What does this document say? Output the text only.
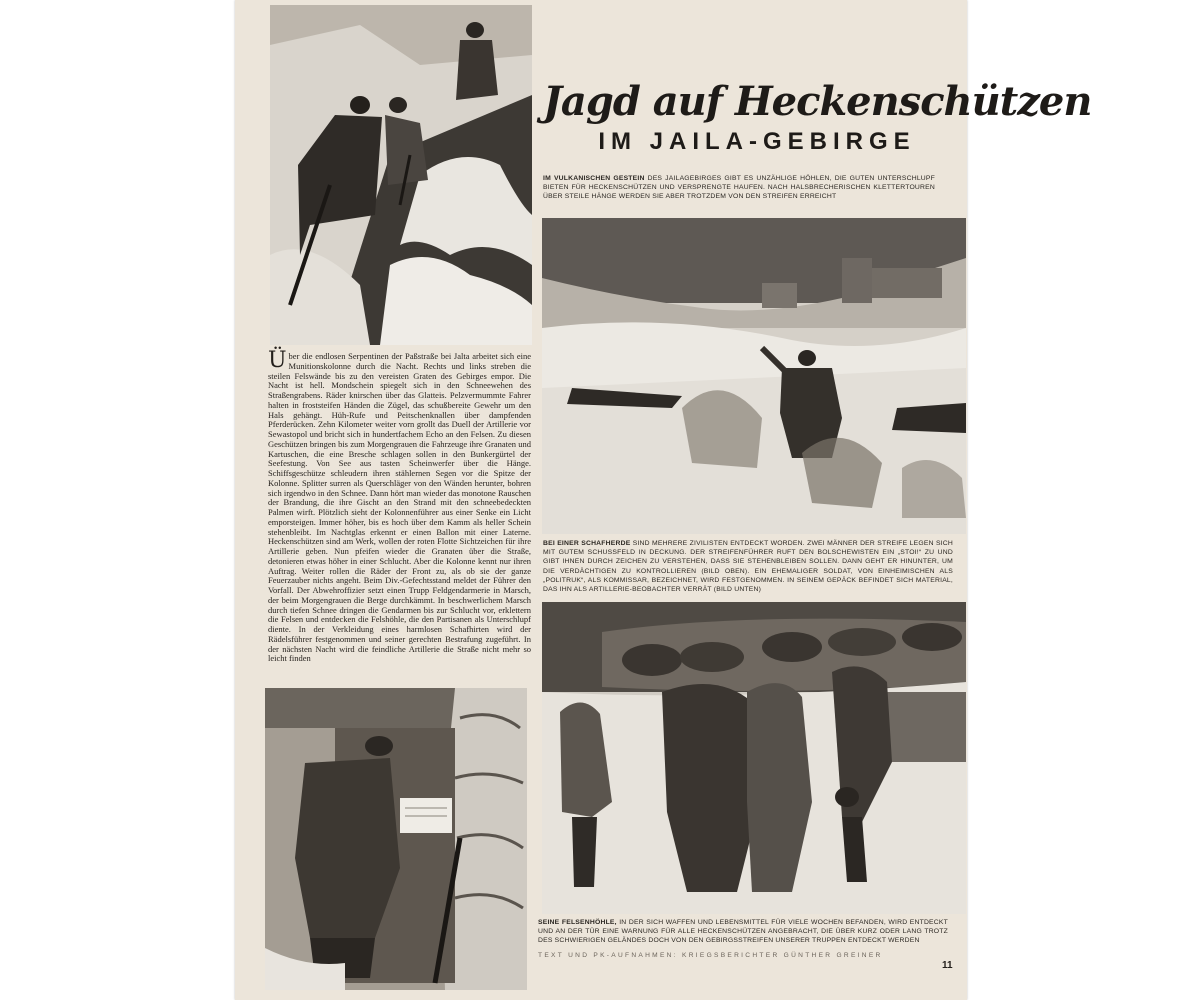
Jagd auf Heckenschützen
IM JAILA-GEBIRGE
IM VULKANISCHEN GESTEIN DES JAILAGEBIRGES GIBT ES UNZÄHLIGE HÖHLEN, DIE GUTEN UNTERSCHLUPF BIETEN FÜR HECKENSCHÜTZEN UND VERSPRENGTE HAUFEN. NACH HALSBRECHERISCHEN KLETTERTOUREN ÜBER STEILE HÄNGE WERDEN SIE ABER TROTZDEM VON DEN STREIFEN ERREICHT
BEI EINER SCHAFHERDE SIND MEHRERE ZIVILISTEN ENTDECKT WORDEN. ZWEI MÄNNER DER STREIFE LEGEN SICH MIT GUTEM SCHUSSFELD IN DECKUNG. DER STREIFENFÜHRER RUFT DEN BOLSCHEWISTEN EIN „STOI!“ ZU UND GIBT IHNEN DURCH ZEICHEN ZU VERSTEHEN, DASS SIE STEHENBLEIBEN SOLLEN. DANN GEHT ER HINUNTER, UM DIE VERDÄCHTIGEN ZU KONTROLLIEREN (BILD OBEN). EIN EHEMALIGER SOLDAT, VON EINHEIMISCHEN ALS „POLITRUK“, ALS KOMMISSAR, BEZEICHNET, WIRD FESTGENOMMEN. IN SEINEM GEPÄCK BEFINDET SICH MATERIAL, DAS IHN ALS ARTILLERIE-BEOBACHTER VERRÄT (BILD UNTEN)
Über die endlosen Serpentinen der Paßstraße bei Jalta arbeitet sich eine Munitionskolonne durch die Nacht. Rechts und links streben die steilen Felswände bis zu den vereisten Graten des Gebirges empor. Die Nacht ist hell. Mondschein spiegelt sich in den Schneewehen des Straßengrabens. Räder knirschen über das Glatteis. Pelzvermummte Fahrer halten in froststeifen Händen die Zügel, das schußbereite Gewehr um den Hals gehängt. Hüh-Rufe und Peitschenknallen über dampfenden Pferderücken. Zehn Kilometer weiter vorn grollt das Duell der Artillerie vor Sewastopol und bricht sich in hundertfachem Echo an den Felsen. Zu diesen Geschützen bringen bis zum Morgengrauen die Fahrzeuge ihre Granaten und Kartuschen, die eine Bresche schlagen sollen in den Bunkergürtel der Seefestung. Von See aus tasten Scheinwerfer über die Hänge. Schiffsgeschütze schleudern ihren stählernen Segen vor die Spitze der Kolonne. Splitter surren als Querschläger von den Wänden herunter, bohren sich irgendwo in den Schnee. Dann hört man wieder das monotone Rauschen der Brandung, die ihre Gischt an den Strand mit den schneebedeckten Palmen wirft. Plötzlich sieht der Kolonnenführer aus einer Senke ein Licht emporsteigen. Immer höher, bis es hoch über dem Kamm als heller Schein stehenbleibt. Im Nachtglas erkennt er einen Ballon mit einer Laterne. Heckenschützen sind am Werk, wollen der roten Flotte Sichtzeichen für ihre Artillerie geben. Nun pfeifen wieder die Granaten über die Straße, detonieren etwas höher in einer Schlucht. Aber die Kolonne kennt nur ihren Auftrag. Weiter rollen die Räder der Front zu, als ob sie der ganze Feuerzauber nichts angeht. Beim Div.-Gefechtsstand meldet der Führer den Vorfall. Der Abwehroffizier setzt einen Trupp Feldgendarmerie in Marsch, der beim Morgengrauen die Berge durchkämmt. In beschwerlichem Marsch durch tiefen Schnee dringen die Gendarmen bis zur Schlucht vor, erklettern die Felsen und entdecken die Felshöhle, die den Partisanen als Unterschlupf diente. In der Verkleidung eines harmlosen Schafhirten wird der Rädelsführer festgenommen und seiner gerechten Bestrafung zugeführt. In der nächsten Nacht wird die feindliche Artillerie die Straße nicht mehr so leicht finden
SEINE FELSENHÖHLE, IN DER SICH WAFFEN UND LEBENSMITTEL FÜR VIELE WOCHEN BEFANDEN, WIRD ENTDECKT UND AN DER TÜR EINE WARNUNG FÜR ALLE HECKENSCHÜTZEN ANGEBRACHT, DIE ÜBER KURZ ODER LANG TROTZ DES SCHWIERIGEN GELÄNDES DOCH VON DEN GEBIRGSSTREIFEN UNSERER TRUPPEN ENTDECKT WERDEN
TEXT UND PK-AUFNAHMEN: KRIEGSBERICHTER GÜNTHER GREINER
11
